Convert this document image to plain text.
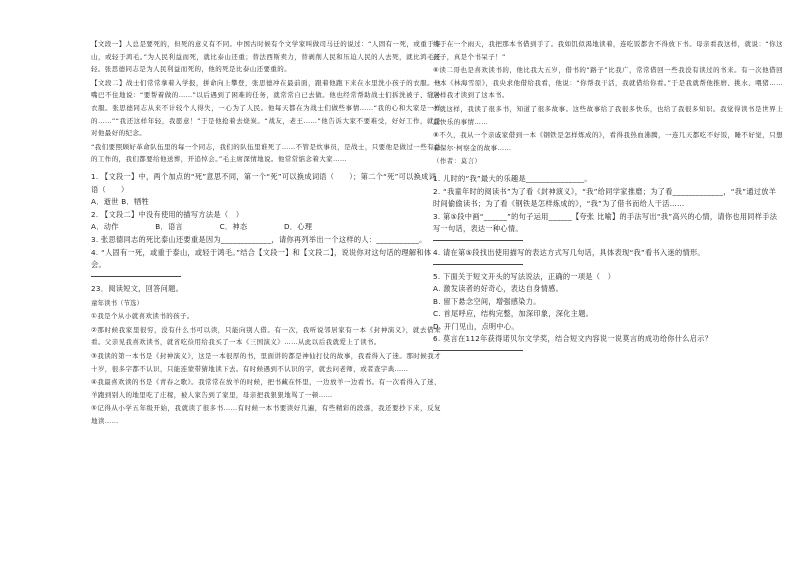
【文段一】人总是要死的，但死的意义有不同。中国古时候有个文学家叫做司马迁的说过：“人固有一死，或重于泰山，或轻于鸿毛。”为人民利益而死，就比泰山还重；替法西斯卖力，替剥削人民和压迫人民的人去死，就比鸿毛还轻。张思德同志是为人民利益而死的，他的死是比泰山还要重的。

【文段二】战士们常常拿着入学报，拼命向上攀登，张思德冲在最前面，跟着他跑下来在水里洗小孩子的衣服。他嘴巴不住地说：“要帮着做的……”以后遇到了困难的任务，就常常自已去做。他也经常帮助战士们拆洗被子、缝补衣服。张思德同志从来不计较个人得失，一心为了人民。他每天都在为战士们做些事情……“我的心和大家是一样的……”“我还这样年轻，我愿意！”于是他抢着去烧炭。“战友，老王……”他告诉大家不要难受，好好工作，就是对他最好的纪念。

“我们要照顾好革命队伍里的每一个同志，我们的队伍里谁死了……不管是炊事员，是战士，只要他是做过一些有益的工作的，我们都要给他送葬，开追悼会。”毛主席深情地说。他常常惦念着大家……

1. 【文段一】中，两个加点的“死”意思不同，第一个“死”可以换成词语（　　）；第二个“死”可以换成词语（　　）

A．逝世 B．牺牲

2. 【文段二】中没有使用的描写方法是（　）

A．动作	B．语言	C．神态	D．心理

3. 张思德同志的死比泰山还要重是因为_____________，请你再列举出一个这样的人：___________。

4. “人固有一死，或重于泰山，或轻于鸿毛。”结合【文段一】和【文段二】，说说你对这句话的理解和体会。

23．阅读短文，回答问题。

童年读书（节选）

①我是个从小就喜欢读书的孩子。

②那时候我家里很穷，没有什么书可以读，只能向别人借。有一次，我听说邻居家有一本《封神演义》，就去借来看。父亲见我喜欢读书，就省吃俭用给我买了一本《三国演义》……从此以后我就爱上了读书。

③我读的第一本书是《封神演义》，这是一本很厚的书，里面讲的都是神仙打仗的故事，我看得入了迷。那时候我才十岁，很多字都不认识，只能连蒙带猜地读下去。有时候遇到不认识的字，就去问老师，或者查字典……

④我最喜欢读的书是《青春之歌》。我常常在放羊的时候，把书藏在怀里，一边放羊一边看书。有一次看得入了迷，羊跑到别人的地里吃了庄稼，被人家告到了家里，母亲把我狠狠地骂了一顿……

⑤记得从小学五年级开始，我就读了很多书……有时候一本书要读好几遍，有些精彩的段落，我还要抄下来，反复地读……

终于在一个雨天，我把那本书借到手了。我如饥似渴地读着，连吃饭都舍不得放下书。母亲看我这样，就说：“你这孩子，真是个书呆子！”

⑥读二哥也是喜欢读书的，他比我大五岁，借书的“路子”比我广，常常借回一些我没有读过的书来。有一次他借回一本《林海雪原》，我央求他借给我看，他说：“你帮我干活，我就借给你看。”于是我就帮他推磨、挑水、喂猪……这样我才读到了这本书。

⑦就这样，我读了很多书，知道了很多故事。这些故事给了我很多快乐，也给了我很多知识。我觉得读书是世界上最快乐的事情……

⑧不久，我从一个亲戚家借到一本《钢铁是怎样炼成的》，看得我热血沸腾，一连几天都吃不好饭，睡不好觉，只想着保尔·柯察金的故事……

（作者：莫言）

1. 儿时的“我”最大的乐趣是_______________。

2. “我童年时的阅读书”为了看《封神演义》，“我”给同学家推磨；为了看_____________，“我”通过放羊时间偷偷读书；为了看《钢铁是怎样炼成的》，“我”为了借书而给人干活……

3. 第⑤段中画“______”的句子运用______【夸张 比喻】的手法写出“我”高兴的心情，请你也用同样手法写一句话，表达一种心情。

4. 请在第⑤段找出使用描写的表达方式写几句话，具体表现“我”看书入迷的情形。

5. 下面关于短文开头的写法说法，正确的一项是（　）

A. 激发读者的好奇心，表达自身情感。

B. 留下悬念空间，增强感染力。

C. 首尾呼应，结构完整，加深印象，深化主题。

D. 开门见山，点明中心。

6. 莫言在112年获得诺贝尔文学奖，结合短文内容说一说莫言的成功给你什么启示？
